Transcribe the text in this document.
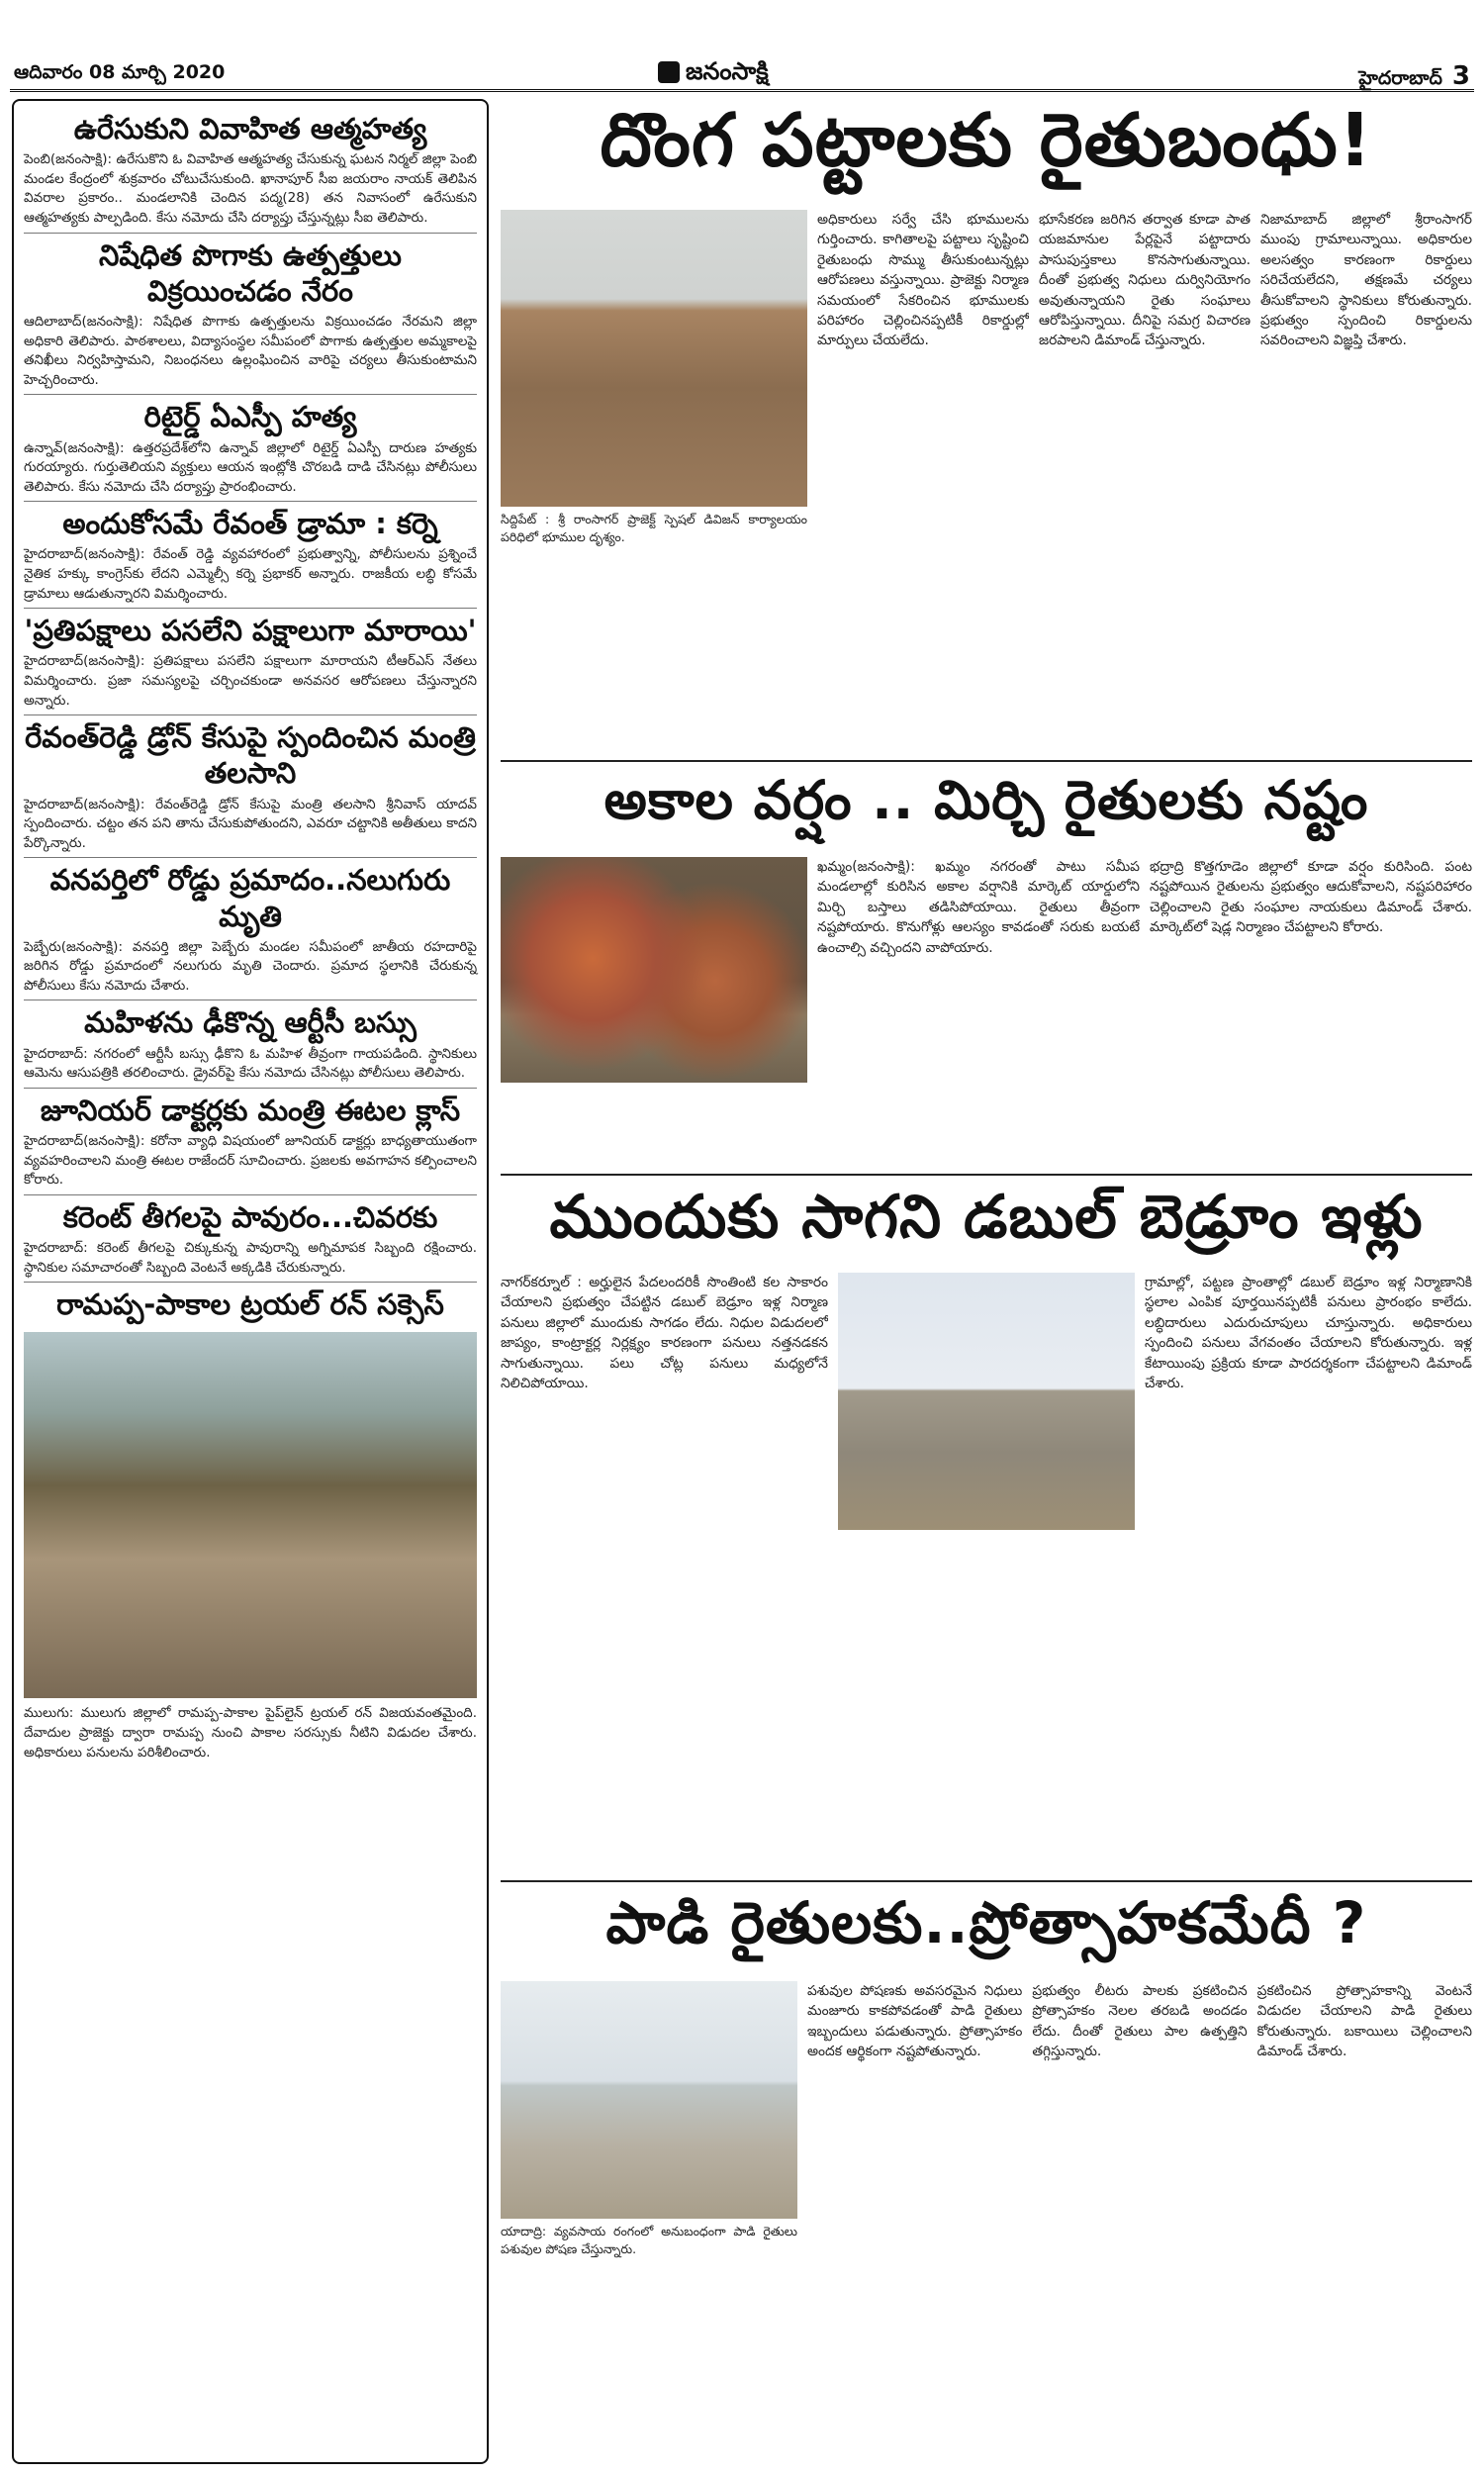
ఆదివారం 08 మార్చి 2020	జనంసాక్షి	హైదరాబాద్ 3
ఉరేసుకుని వివాహిత ఆత్మహత్య
పెంబి(జనంసాక్షి): ఉరేసుకొని ఓ వివాహిత ఆత్మహత్య చేసుకున్న ఘటన నిర్మల్‌ జిల్లా పెంబి మండల కేంద్రంలో శుక్రవారం చోటుచేసుకుంది. ఖానాపూర్‌ సీఐ జయరాం నాయక్‌ తెలిపిన వివరాల ప్రకారం.. మండలానికి చెందిన పద్మ(28) తన నివాసంలో ఉరేసుకుని ఆత్మహత్యకు పాల్పడింది. కేసు నమోదు చేసి దర్యాప్తు చేస్తున్నట్లు సీఐ తెలిపారు.
నిషేధిత పొగాకు ఉత్పత్తులు విక్రయించడం నేరం
ఆదిలాబాద్‌(జనంసాక్షి): నిషేధిత పొగాకు ఉత్పత్తులను విక్రయించడం నేరమని జిల్లా అధికారి తెలిపారు. పాఠశాలలు, విద్యాసంస్థల సమీపంలో పొగాకు ఉత్పత్తుల అమ్మకాలపై తనిఖీలు నిర్వహిస్తామని, నిబంధనలు ఉల్లంఘించిన వారిపై చర్యలు తీసుకుంటామని హెచ్చరించారు.
రిటైర్డ్‌ ఏఎస్పీ హత్య
ఉన్నావ్‌(జనంసాక్షి): ఉత్తరప్రదేశ్‌లోని ఉన్నావ్‌ జిల్లాలో రిటైర్డ్‌ ఏఎస్పీ దారుణ హత్యకు గురయ్యారు. గుర్తుతెలియని వ్యక్తులు ఆయన ఇంట్లోకి చొరబడి దాడి చేసినట్లు పోలీసులు తెలిపారు. కేసు నమోదు చేసి దర్యాప్తు ప్రారంభించారు.
అందుకోసమే రేవంత్‌ డ్రామా : కర్నె
హైదరాబాద్‌(జనంసాక్షి): రేవంత్‌ రెడ్డి వ్యవహారంలో ప్రభుత్వాన్ని, పోలీసులను ప్రశ్నించే నైతిక హక్కు కాంగ్రెస్‌కు లేదని ఎమ్మెల్సీ కర్నె ప్రభాకర్‌ అన్నారు. రాజకీయ లబ్ధి కోసమే డ్రామాలు ఆడుతున్నారని విమర్శించారు.
'ప్రతిపక్షాలు పసలేని పక్షాలుగా మారాయి'
హైదరాబాద్‌(జనంసాక్షి): ప్రతిపక్షాలు పసలేని పక్షాలుగా మారాయని టీఆర్‌ఎస్‌ నేతలు విమర్శించారు. ప్రజా సమస్యలపై చర్చించకుండా అనవసర ఆరోపణలు చేస్తున్నారని అన్నారు.
రేవంత్‌రెడ్డి డ్రోన్‌ కేసుపై స్పందించిన మంత్రి తలసాని
హైదరాబాద్‌(జనంసాక్షి): రేవంత్‌రెడ్డి డ్రోన్‌ కేసుపై మంత్రి తలసాని శ్రీనివాస్‌ యాదవ్‌ స్పందించారు. చట్టం తన పని తాను చేసుకుపోతుందని, ఎవరూ చట్టానికి అతీతులు కాదని పేర్కొన్నారు.
వనపర్తిలో రోడ్డు ప్రమాదం..నలుగురు మృతి
పెబ్బేరు(జనంసాక్షి): వనపర్తి జిల్లా పెబ్బేరు మండల సమీపంలో జాతీయ రహదారిపై జరిగిన రోడ్డు ప్రమాదంలో నలుగురు మృతి చెందారు. ప్రమాద స్థలానికి చేరుకున్న పోలీసులు కేసు నమోదు చేశారు.
మహిళను ఢీకొన్న ఆర్టీసీ బస్సు
హైదరాబాద్‌: నగరంలో ఆర్టీసీ బస్సు ఢీకొని ఓ మహిళ తీవ్రంగా గాయపడింది. స్థానికులు ఆమెను ఆసుపత్రికి తరలించారు. డ్రైవర్‌పై కేసు నమోదు చేసినట్లు పోలీసులు తెలిపారు.
జూనియర్‌ డాక్టర్లకు మంత్రి ఈటల క్లాస్‌
హైదరాబాద్‌(జనంసాక్షి): కరోనా వ్యాధి విషయంలో జూనియర్‌ డాక్టర్లు బాధ్యతాయుతంగా వ్యవహరించాలని మంత్రి ఈటల రాజేందర్‌ సూచించారు. ప్రజలకు అవగాహన కల్పించాలని కోరారు.
కరెంట్‌ తీగలపై పావురం...చివరకు
హైదరాబాద్‌: కరెంట్‌ తీగలపై చిక్కుకున్న పావురాన్ని అగ్నిమాపక సిబ్బంది రక్షించారు. స్థానికుల సమాచారంతో సిబ్బంది వెంటనే అక్కడికి చేరుకున్నారు.
రామప్ప-పాకాల ట్రయల్‌ రన్‌ సక్సెస్‌
ములుగు: ములుగు జిల్లాలో రామప్ప-పాకాల పైప్‌లైన్‌ ట్రయల్‌ రన్‌ విజయవంతమైంది. దేవాదుల ప్రాజెక్టు ద్వారా రామప్ప నుంచి పాకాల సరస్సుకు నీటిని విడుదల చేశారు. అధికారులు పనులను పరిశీలించారు.
దొంగ పట్టాలకు రైతుబంధు!
సిద్దిపేట్‌ : శ్రీ రాంసాగర్‌ ప్రాజెక్ట్‌ స్పెషల్‌ డివిజన్‌ కార్యాలయం పరిధిలో భూముల దృశ్యం.
అధికారులు సర్వే చేసి భూములను గుర్తించారు. కాగితాలపై పట్టాలు సృష్టించి రైతుబంధు సొమ్ము తీసుకుంటున్నట్లు ఆరోపణలు వస్తున్నాయి. ప్రాజెక్టు నిర్మాణ సమయంలో సేకరించిన భూములకు పరిహారం చెల్లించినప్పటికీ రికార్డుల్లో మార్పులు చేయలేదు.
భూసేకరణ జరిగిన తర్వాత కూడా పాత యజమానుల పేర్లపైనే పట్టాదారు పాసుపుస్తకాలు కొనసాగుతున్నాయి. దీంతో ప్రభుత్వ నిధులు దుర్వినియోగం అవుతున్నాయని రైతు సంఘాలు ఆరోపిస్తున్నాయి. దీనిపై సమగ్ర విచారణ జరపాలని డిమాండ్‌ చేస్తున్నారు.
నిజామాబాద్‌ జిల్లాలో శ్రీరాంసాగర్‌ ముంపు గ్రామాలున్నాయి. అధికారుల అలసత్వం కారణంగా రికార్డులు సరిచేయలేదని, తక్షణమే చర్యలు తీసుకోవాలని స్థానికులు కోరుతున్నారు. ప్రభుత్వం స్పందించి రికార్డులను సవరించాలని విజ్ఞప్తి చేశారు.
అకాల వర్షం .. మిర్చి రైతులకు నష్టం
ఖమ్మం(జనంసాక్షి): ఖమ్మం నగరంతో పాటు సమీప మండలాల్లో కురిసిన అకాల వర్షానికి మార్కెట్‌ యార్డులోని మిర్చి బస్తాలు తడిసిపోయాయి. రైతులు తీవ్రంగా నష్టపోయారు. కొనుగోళ్లు ఆలస్యం కావడంతో సరుకు బయటే ఉంచాల్సి వచ్చిందని వాపోయారు.
భద్రాద్రి కొత్తగూడెం జిల్లాలో కూడా వర్షం కురిసింది. పంట నష్టపోయిన రైతులను ప్రభుత్వం ఆదుకోవాలని, నష్టపరిహారం చెల్లించాలని రైతు సంఘాల నాయకులు డిమాండ్‌ చేశారు. మార్కెట్‌లో షెడ్ల నిర్మాణం చేపట్టాలని కోరారు.
ముందుకు సాగని డబుల్‌ బెడ్రూం ఇళ్లు
నాగర్‌కర్నూల్‌ : అర్హులైన పేదలందరికీ సొంతింటి కల సాకారం చేయాలని ప్రభుత్వం చేపట్టిన డబుల్‌ బెడ్రూం ఇళ్ల నిర్మాణ పనులు జిల్లాలో ముందుకు సాగడం లేదు. నిధుల విడుదలలో జాప్యం, కాంట్రాక్టర్ల నిర్లక్ష్యం కారణంగా పనులు నత్తనడకన సాగుతున్నాయి. పలు చోట్ల పనులు మధ్యలోనే నిలిచిపోయాయి.
గ్రామాల్లో, పట్టణ ప్రాంతాల్లో డబుల్‌ బెడ్రూం ఇళ్ల నిర్మాణానికి స్థలాల ఎంపిక పూర్తయినప్పటికీ పనులు ప్రారంభం కాలేదు. లబ్ధిదారులు ఎదురుచూపులు చూస్తున్నారు. అధికారులు స్పందించి పనులు వేగవంతం చేయాలని కోరుతున్నారు. ఇళ్ల కేటాయింపు ప్రక్రియ కూడా పారదర్శకంగా చేపట్టాలని డిమాండ్‌ చేశారు.
పాడి రైతులకు..ప్రోత్సాహకమేదీ ?
యాదాద్రి: వ్యవసాయ రంగంలో అనుబంధంగా పాడి రైతులు పశువుల పోషణ చేస్తున్నారు.
పశువుల పోషణకు అవసరమైన నిధులు మంజూరు కాకపోవడంతో పాడి రైతులు ఇబ్బందులు పడుతున్నారు. ప్రోత్సాహకం అందక ఆర్థికంగా నష్టపోతున్నారు.
ప్రభుత్వం లీటరు పాలకు ప్రకటించిన ప్రోత్సాహకం నెలల తరబడి అందడం లేదు. దీంతో రైతులు పాల ఉత్పత్తిని తగ్గిస్తున్నారు.
ప్రకటించిన ప్రోత్సాహకాన్ని వెంటనే విడుదల చేయాలని పాడి రైతులు కోరుతున్నారు. బకాయిలు చెల్లించాలని డిమాండ్‌ చేశారు.
